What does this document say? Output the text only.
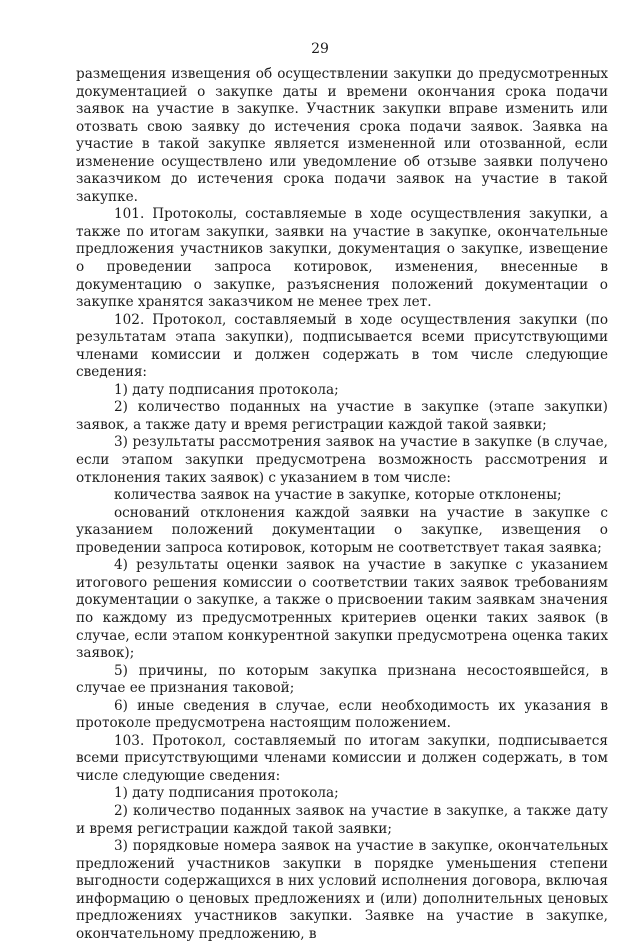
29

размещения извещения об осуществлении закупки до предусмотренных документацией о закупке даты и времени окончания срока подачи заявок на участие в закупке. Участник закупки вправе изменить или отозвать свою заявку до истечения срока подачи заявок. Заявка на участие в такой закупке является измененной или отозванной, если изменение осуществлено или уведомление об отзыве заявки получено заказчиком до истечения срока подачи заявок на участие в такой закупке.

101. Протоколы, составляемые в ходе осуществления закупки, а также по итогам закупки, заявки на участие в закупке, окончательные предложения участников закупки, документация о закупке, извещение о проведении запроса котировок, изменения, внесенные в документацию о закупке, разъяснения положений документации о закупке хранятся заказчиком не менее трех лет.

102. Протокол, составляемый в ходе осуществления закупки (по результатам этапа закупки), подписывается всеми присутствующими членами комиссии и должен содержать в том числе следующие сведения:

1) дату подписания протокола;

2) количество поданных на участие в закупке (этапе закупки) заявок, а также дату и время регистрации каждой такой заявки;

3) результаты рассмотрения заявок на участие в закупке (в случае, если этапом закупки предусмотрена возможность рассмотрения и отклонения таких заявок) с указанием в том числе:

количества заявок на участие в закупке, которые отклонены;

оснований отклонения каждой заявки на участие в закупке с указанием положений документации о закупке, извещения о проведении запроса котировок, которым не соответствует такая заявка;

4) результаты оценки заявок на участие в закупке с указанием итогового решения комиссии о соответствии таких заявок требованиям документации о закупке, а также о присвоении таким заявкам значения по каждому из предусмотренных критериев оценки таких заявок (в случае, если этапом конкурентной закупки предусмотрена оценка таких заявок);

5) причины, по которым закупка признана несостоявшейся, в случае ее признания таковой;

6) иные сведения в случае, если необходимость их указания в протоколе предусмотрена настоящим положением.

103. Протокол, составляемый по итогам закупки, подписывается всеми присутствующими членами комиссии и должен содержать, в том числе следующие сведения:

1) дату подписания протокола;

2) количество поданных заявок на участие в закупке, а также дату и время регистрации каждой такой заявки;

3) порядковые номера заявок на участие в закупке, окончательных предложений участников закупки в порядке уменьшения степени выгодности содержащихся в них условий исполнения договора, включая информацию о ценовых предложениях и (или) дополнительных ценовых предложениях участников закупки. Заявке на участие в закупке, окончательному предложению, в
